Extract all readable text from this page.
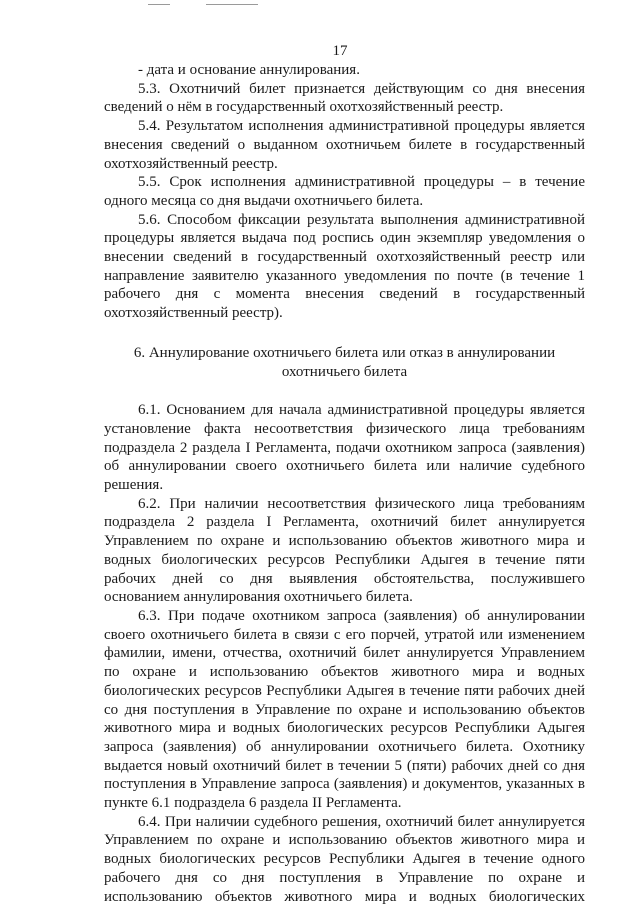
17

- дата и основание аннулирования.

5.3. Охотничий билет признается действующим со дня внесения сведений о нём в государственный охотхозяйственный реестр.

5.4. Результатом исполнения административной процедуры является внесения сведений о выданном охотничьем билете в государственный охотхозяйственный реестр.

5.5. Срок исполнения административной процедуры – в течение одного месяца со дня выдачи охотничьего билета.

5.6. Способом фиксации результата выполнения административной процедуры является выдача под роспись один экземпляр уведомления о внесении сведений в государственный охотхозяйственный реестр или направление заявителю указанного уведомления по почте (в течение 1 рабочего дня с момента внесения сведений в государственный охотхозяйственный реестр).

6. Аннулирование охотничьего билета или отказ в аннулировании

охотничьего билета

6.1. Основанием для начала административной процедуры является установление факта несоответствия физического лица требованиям подраздела 2 раздела I Регламента, подачи охотником запроса (заявления) об аннулировании своего охотничьего билета или наличие судебного решения.

6.2. При наличии несоответствия физического лица требованиям подраздела 2 раздела I Регламента, охотничий билет аннулируется Управлением по охране и использованию объектов животного мира и водных биологических ресурсов Республики Адыгея в течение пяти рабочих дней со дня выявления обстоятельства, послужившего основанием аннулирования охотничьего билета.

6.3. При подаче охотником запроса (заявления) об аннулировании своего охотничьего билета в связи с его порчей, утратой или изменением фамилии, имени, отчества, охотничий билет аннулируется Управлением по охране и использованию объектов животного мира и водных биологических ресурсов Республики Адыгея в течение пяти рабочих дней со дня поступления в Управление по охране и использованию объектов животного мира и водных биологических ресурсов Республики Адыгея запроса (заявления) об аннулировании охотничьего билета. Охотнику выдается новый охотничий билет в течении 5 (пяти) рабочих дней со дня поступления в Управление запроса (заявления) и документов, указанных в пункте 6.1 подраздела 6 раздела II Регламента.

6.4. При наличии судебного решения, охотничий билет аннулируется Управлением по охране и использованию объектов животного мира и водных биологических ресурсов Республики Адыгея в течение одного рабочего дня со дня поступления в Управление по охране и использованию объектов животного мира и водных биологических
